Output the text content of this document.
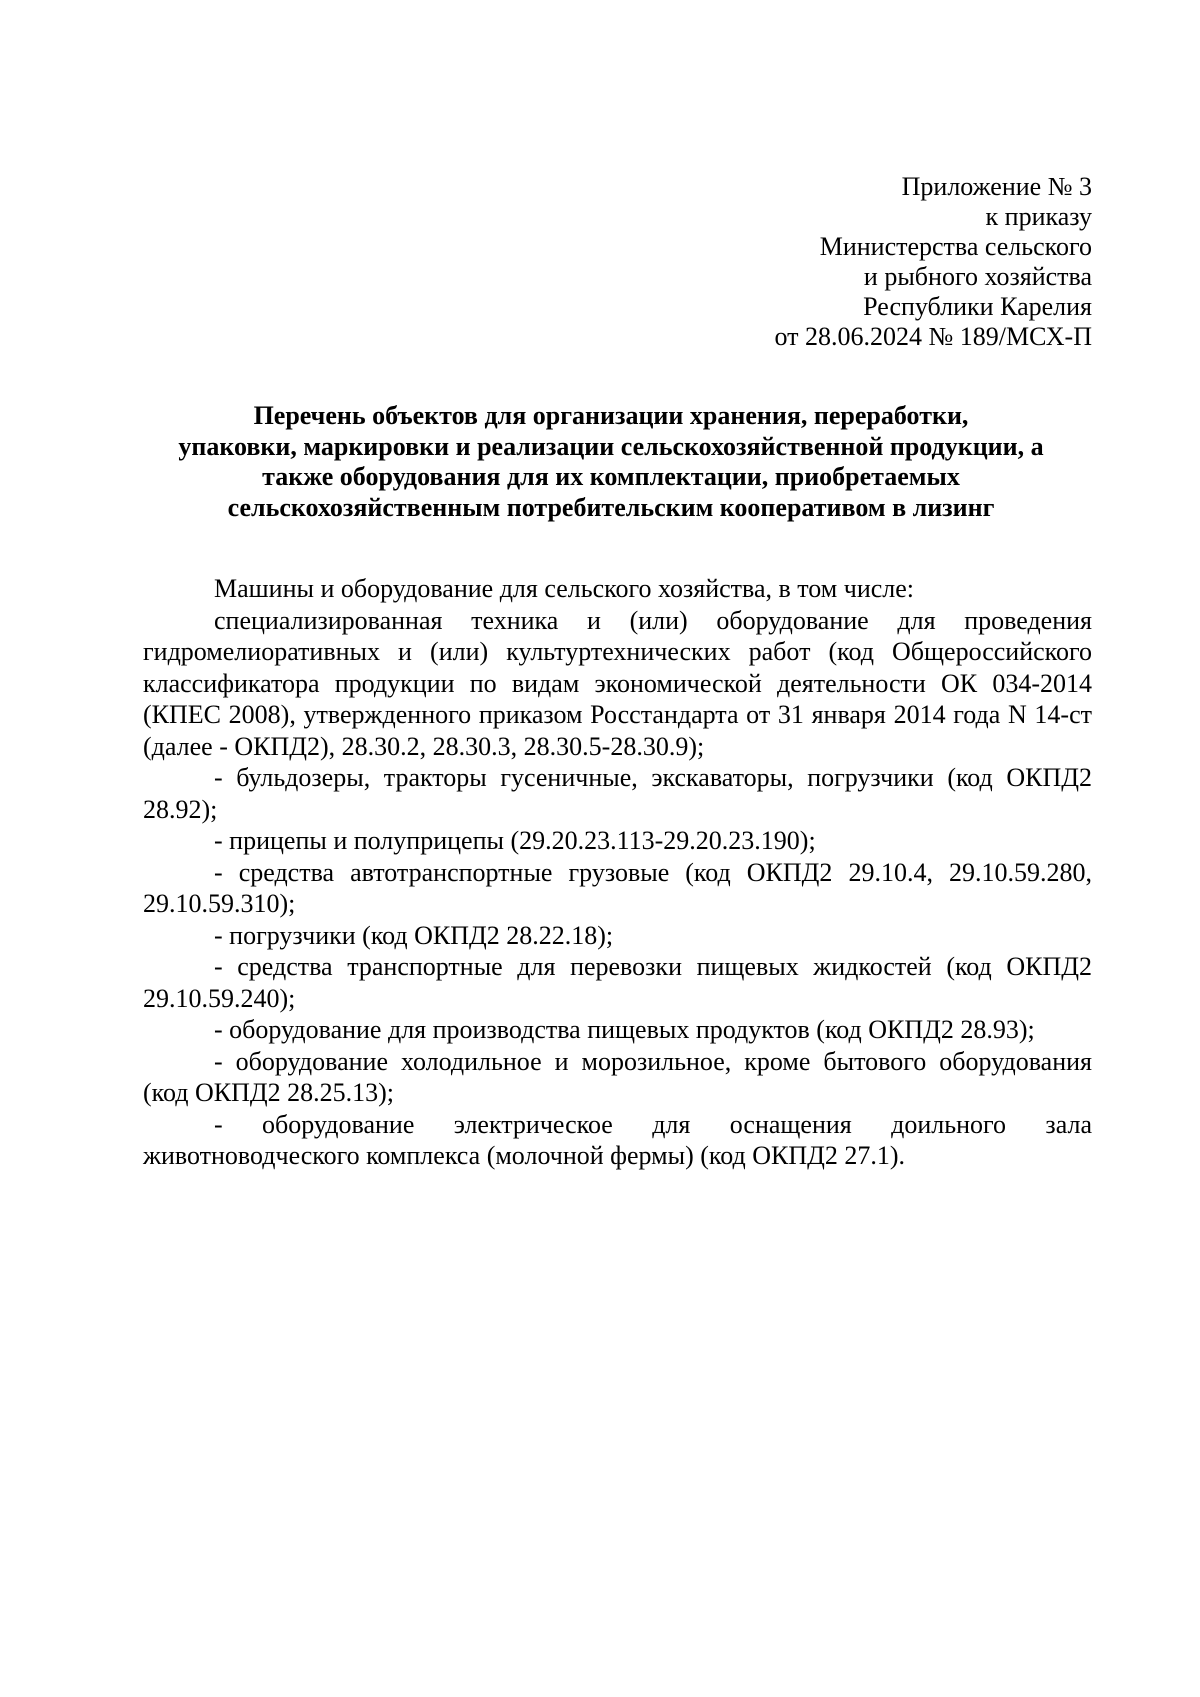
Приложение № 3
к приказу
Министерства сельского
и рыбного хозяйства
Республики Карелия
от 28.06.2024 № 189/МСХ-П
Перечень объектов для организации хранения, переработки,
упаковки, маркировки и реализации сельскохозяйственной продукции, а
также оборудования для их комплектации, приобретаемых
сельскохозяйственным потребительским кооперативом в лизинг

Машины и оборудование для сельского хозяйства, в том числе:

специализированная техника и (или) оборудование для проведения гидромелиоративных и (или) культуртехнических работ (код Общероссийского классификатора продукции по видам экономической деятельности ОК 034-2014 (КПЕС 2008), утвержденного приказом Росстандарта от 31 января 2014 года N 14-ст (далее - ОКПД2), 28.30.2, 28.30.3, 28.30.5-28.30.9);

- бульдозеры, тракторы гусеничные, экскаваторы, погрузчики (код ОКПД2 28.92);

- прицепы и полуприцепы (29.20.23.113-29.20.23.190);

- средства автотранспортные грузовые (код ОКПД2 29.10.4, 29.10.59.280, 29.10.59.310);

- погрузчики (код ОКПД2 28.22.18);

- средства транспортные для перевозки пищевых жидкостей (код ОКПД2 29.10.59.240);

- оборудование для производства пищевых продуктов (код ОКПД2 28.93);

- оборудование холодильное и морозильное, кроме бытового оборудования (код ОКПД2 28.25.13);

- оборудование электрическое для оснащения доильного зала животноводческого комплекса (молочной фермы) (код ОКПД2 27.1).
